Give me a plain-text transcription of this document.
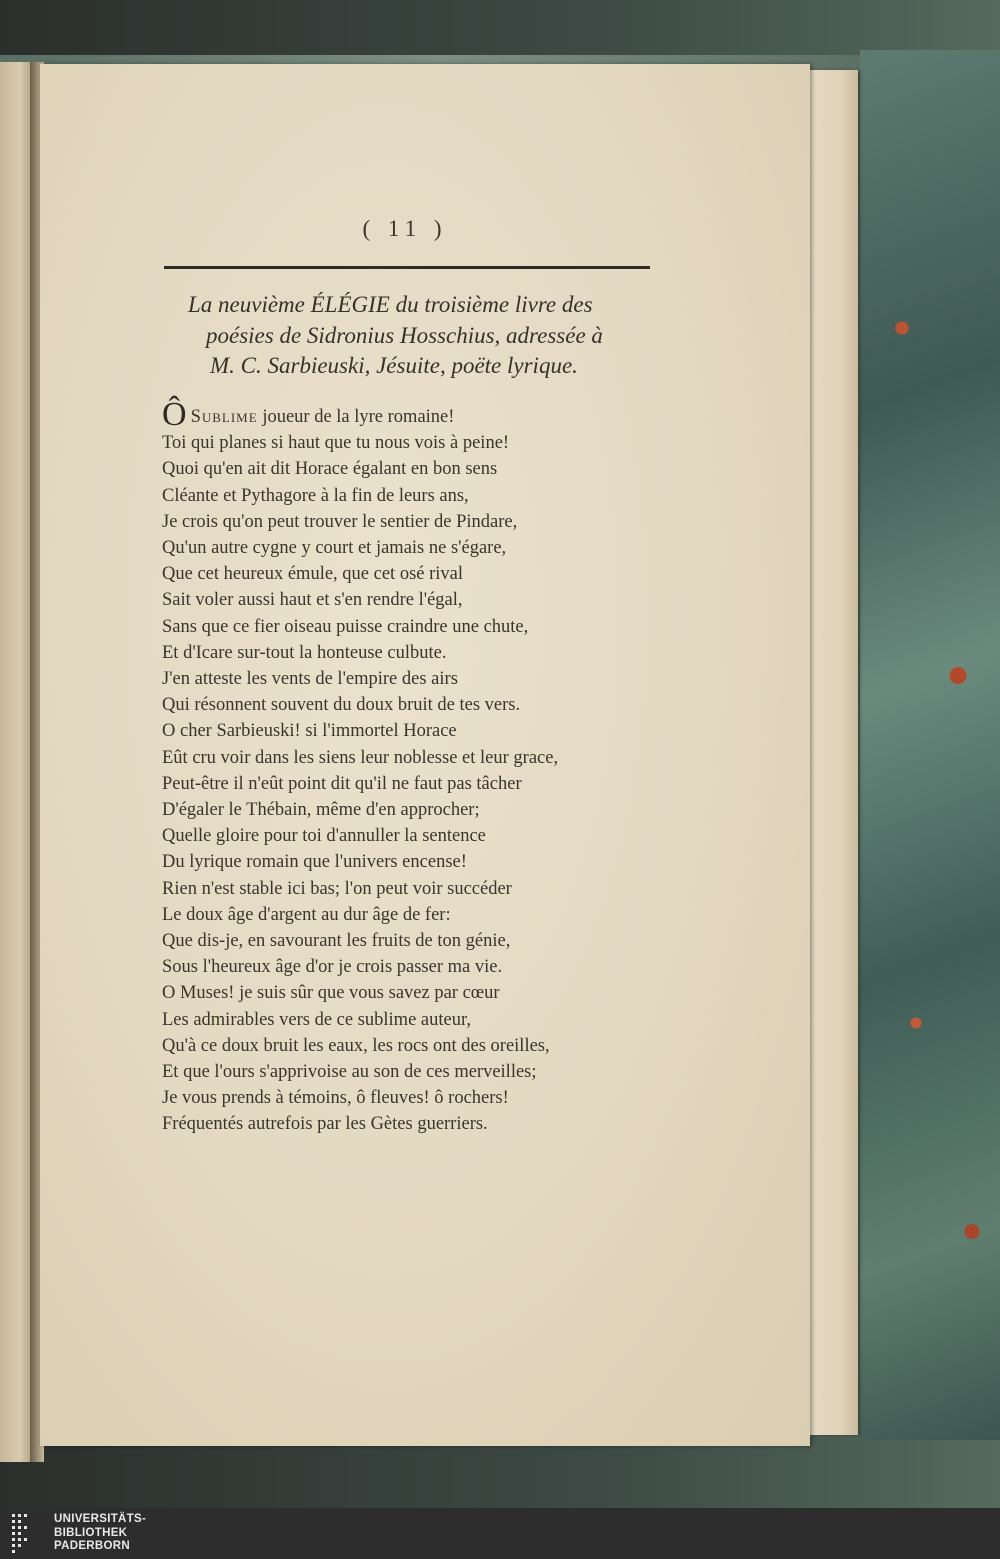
( 11 )
La neuvième ÉLÉGIE du troisième livre des
poésies de Sidronius Hosschius, adressée à
M. C. Sarbieuski, Jésuite, poëte lyrique.
Ô Sublime joueur de la lyre romaine!
Toi qui planes si haut que tu nous vois à peine!
Quoi qu'en ait dit Horace égalant en bon sens
Cléante et Pythagore à la fin de leurs ans,
Je crois qu'on peut trouver le sentier de Pindare,
Qu'un autre cygne y court et jamais ne s'égare,
Que cet heureux émule, que cet osé rival
Sait voler aussi haut et s'en rendre l'égal,
Sans que ce fier oiseau puisse craindre une chute,
Et d'Icare sur-tout la honteuse culbute.
J'en atteste les vents de l'empire des airs
Qui résonnent souvent du doux bruit de tes vers.
O cher Sarbieuski! si l'immortel Horace
Eût cru voir dans les siens leur noblesse et leur grace,
Peut-être il n'eût point dit qu'il ne faut pas tâcher
D'égaler le Thébain, même d'en approcher;
Quelle gloire pour toi d'annuller la sentence
Du lyrique romain que l'univers encense!
Rien n'est stable ici bas; l'on peut voir succéder
Le doux âge d'argent au dur âge de fer:
Que dis-je, en savourant les fruits de ton génie,
Sous l'heureux âge d'or je crois passer ma vie.
O Muses! je suis sûr que vous savez par cœur
Les admirables vers de ce sublime auteur,
Qu'à ce doux bruit les eaux, les rocs ont des oreilles,
Et que l'ours s'apprivoise au son de ces merveilles;
Je vous prends à témoins, ô fleuves! ô rochers!
Fréquentés autrefois par les Gètes guerriers.
UNIVERSITÄTS-
BIBLIOTHEK
PADERBORN
